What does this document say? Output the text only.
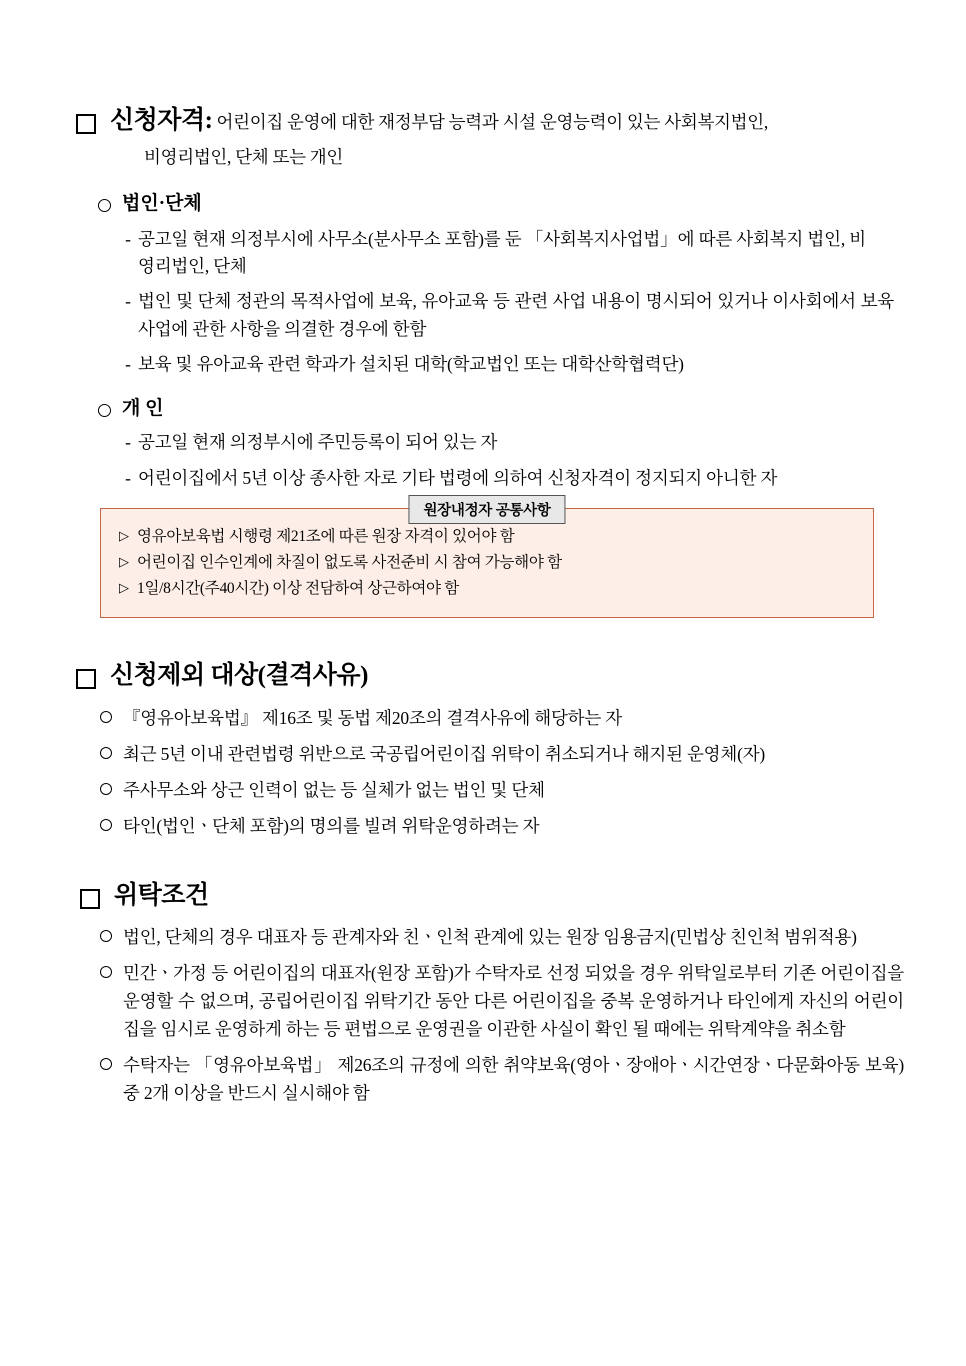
신청자격: 어린이집 운영에 대한 재정부담 능력과 시설 운영능력이 있는 사회복지법인,
비영리법인, 단체 또는 개인
법인·단체
- 공고일 현재 의정부시에 사무소(분사무소 포함)를 둔 「사회복지사업법」에 따른 사회복지 법인, 비영리법인, 단체
- 법인 및 단체 정관의 목적사업에 보육, 유아교육 등 관련 사업 내용이 명시되어 있거나 이사회에서 보육사업에 관한 사항을 의결한 경우에 한함
- 보육 및 유아교육 관련 학과가 설치된 대학(학교법인 또는 대학산학협력단)
개 인
- 공고일 현재 의정부시에 주민등록이 되어 있는 자
- 어린이집에서 5년 이상 종사한 자로 기타 법령에 의하여 신청자격이 정지되지 아니한 자
원장내정자 공통사항
▷ 영유아보육법 시행령 제21조에 따른 원장 자격이 있어야 함
▷ 어린이집 인수인계에 차질이 없도록 사전준비 시 참여 가능해야 함
▷ 1일/8시간(주40시간) 이상 전담하여 상근하여야 함
신청제외 대상(결격사유)
『영유아보육법』 제16조 및 동법 제20조의 결격사유에 해당하는 자
최근 5년 이내 관련법령 위반으로 국공립어린이집 위탁이 취소되거나 해지된 운영체(자)
주사무소와 상근 인력이 없는 등 실체가 없는 법인 및 단체
타인(법인ㆍ단체 포함)의 명의를 빌려 위탁운영하려는 자
위탁조건
법인, 단체의 경우 대표자 등 관계자와 친ㆍ인척 관계에 있는 원장 임용금지(민법상 친인척 범위적용)
민간ㆍ가정 등 어린이집의 대표자(원장 포함)가 수탁자로 선정 되었을 경우 위탁일로부터 기존 어린이집을 운영할 수 없으며, 공립어린이집 위탁기간 동안 다른 어린이집을 중복 운영하거나 타인에게 자신의 어린이집을 임시로 운영하게 하는 등 편법으로 운영권을 이관한 사실이 확인 될 때에는 위탁계약을 취소함
수탁자는 「영유아보육법」 제26조의 규정에 의한 취약보육(영아ㆍ장애아ㆍ시간연장ㆍ다문화아동 보육) 중 2개 이상을 반드시 실시해야 함
